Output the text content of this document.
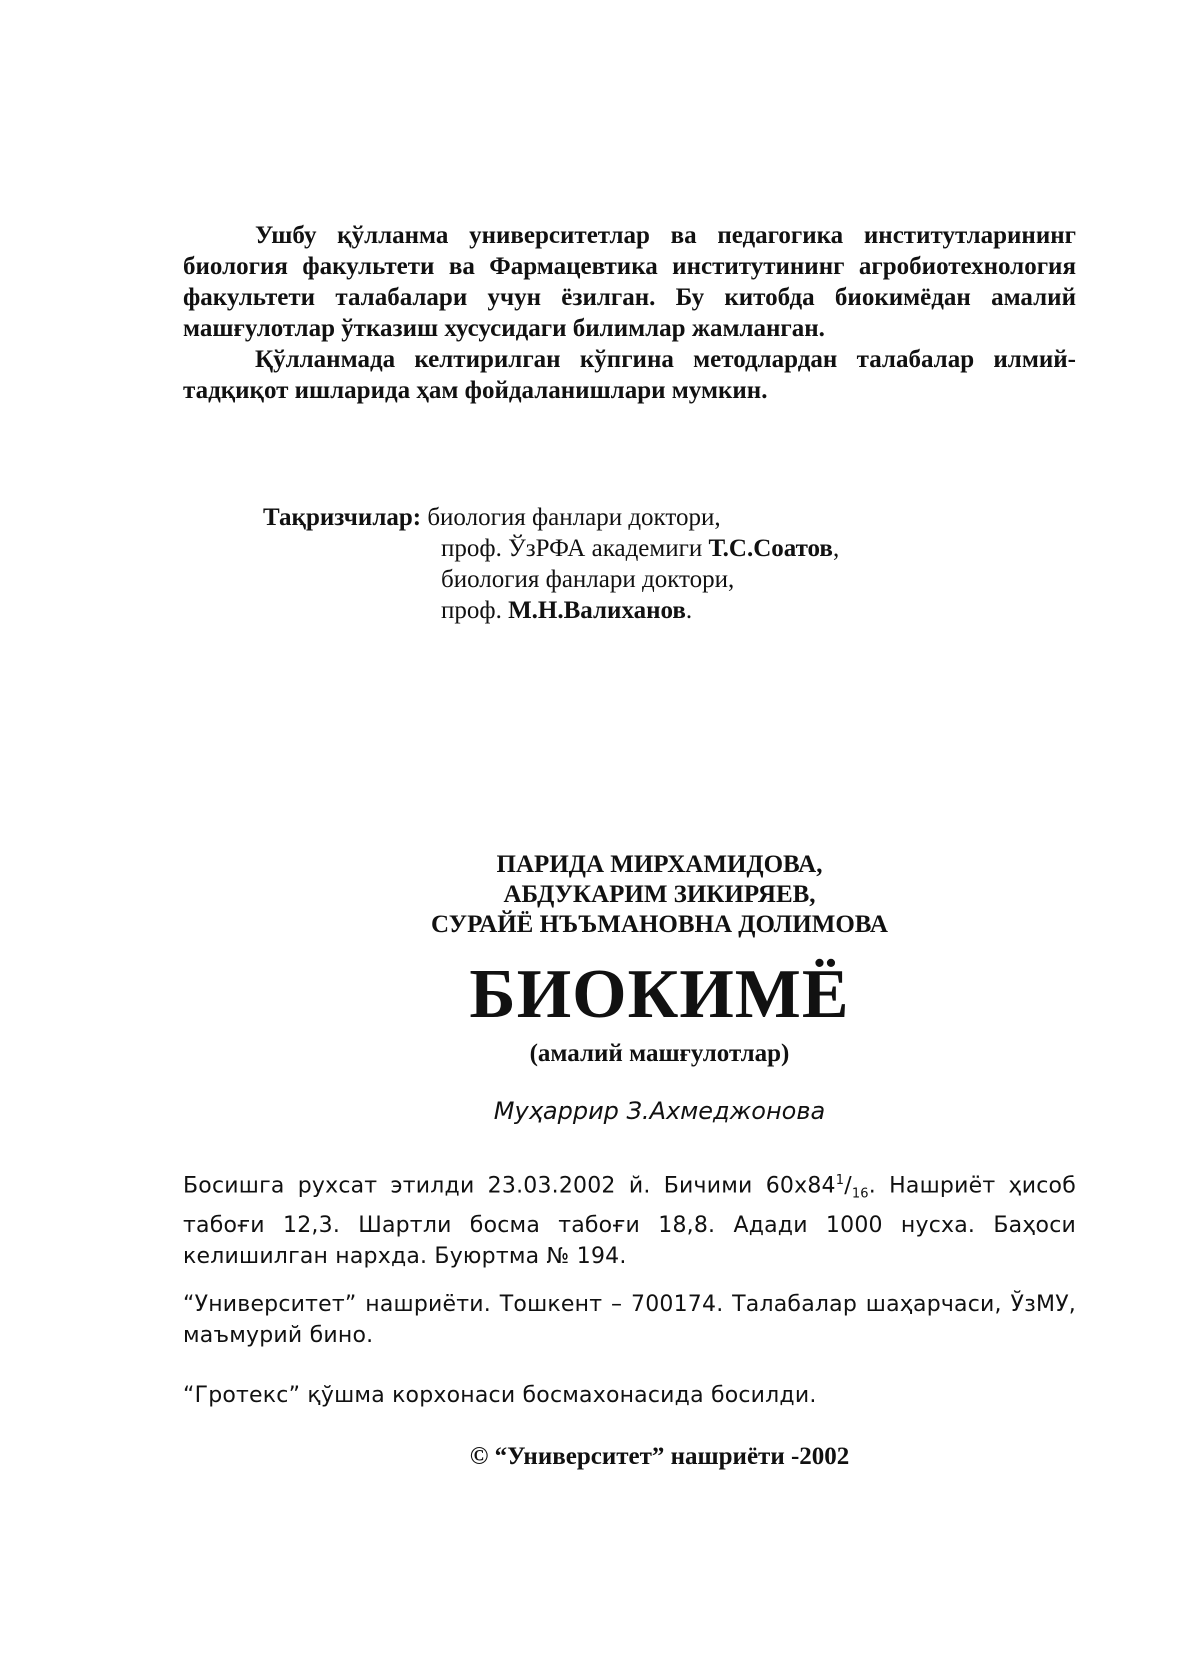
Ушбу қўлланма университетлар ва педагогика институтларининг биология факультети ва Фармацевтика институтининг агробиотехнология факультети талабалари учун ёзилган. Бу китобда биокимёдан амалий машғулотлар ўтказиш хусусидаги билимлар жамланган.

Қўлланмада келтирилган кўпгина методлардан талабалар илмий-тадқиқот ишларида ҳам фойдаланишлари мумкин.

Тақризчилар: биология фанлари доктори,
проф. ЎзРФА академиги Т.С.Соатов,
биология фанлари доктори,
проф. М.Н.Валиханов.
ПАРИДА МИРХАМИДОВА,
АБДУКАРИМ ЗИКИРЯЕВ,
СУРАЙЁ НЪЪМАНОВНА ДОЛИМОВА
БИОКИМЁ
(амалий машғулотлар)
Муҳаррир З.Ахмеджонова
Босишга рухсат этилди 23.03.2002 й. Бичими $60х84^1/_{16}$. Нашриёт ҳисоб табоғи 12,3. Шартли босма табоғи 18,8. Адади 1000 нусха. Баҳоси келишилган нархда. Буюртма № 194.
“Университет” нашриёти. Тошкент – 700174. Талабалар шаҳарчаси, ЎзМУ, маъмурий бино.
“Гротекс” қўшма корхонаси босмахонасида босилди.
© “Университет” нашриёти -2002
